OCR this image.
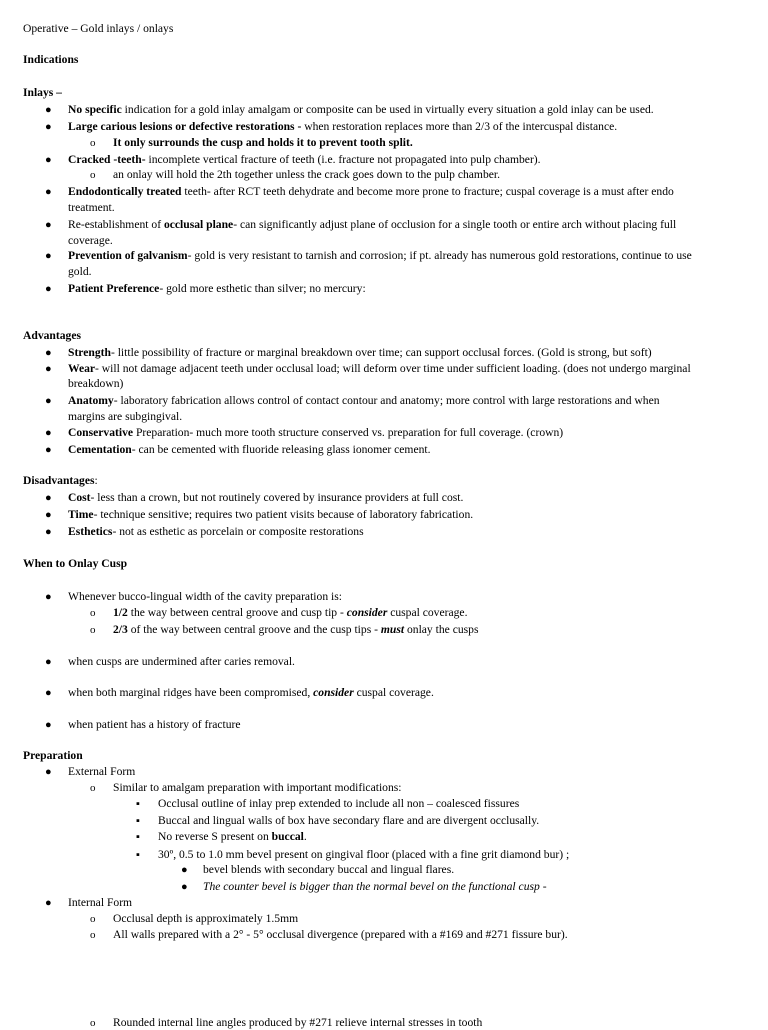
Operative – Gold inlays / onlays
Indications
Inlays –
● No specific indication for a gold inlay amalgam or composite can be used in virtually every situation a gold inlay can be used.
● Large carious lesions or defective restorations - when restoration replaces more than 2/3 of the intercuspal distance.
o It only surrounds the cusp and holds it to prevent tooth split.
● Cracked -teeth- incomplete vertical fracture of teeth (i.e. fracture not propagated into pulp chamber).
o an onlay will hold the 2th together unless the crack goes down to the pulp chamber.
● Endodontically treated teeth- after RCT teeth dehydrate and become more prone to fracture; cuspal coverage is a must after endo
treatment.
● Re-establishment of occlusal plane- can significantly adjust plane of occlusion for a single tooth or entire arch without placing full
coverage.
● Prevention of galvanism- gold is very resistant to tarnish and corrosion; if pt. already has numerous gold restorations, continue to use
gold.
● Patient Preference- gold more esthetic than silver; no mercury:
Advantages
● Strength- little possibility of fracture or marginal breakdown over time; can support occlusal forces. (Gold is strong, but soft)
● Wear- will not damage adjacent teeth under occlusal load; will deform over time under sufficient loading. (does not undergo marginal
breakdown)
● Anatomy- laboratory fabrication allows control of contact contour and anatomy; more control with large restorations and when
margins are subgingival.
● Conservative Preparation- much more tooth structure conserved vs. preparation for full coverage. (crown)
● Cementation- can be cemented with fluoride releasing glass ionomer cement.
Disadvantages:
● Cost- less than a crown, but not routinely covered by insurance providers at full cost.
● Time- technique sensitive; requires two patient visits because of laboratory fabrication.
● Esthetics- not as esthetic as porcelain or composite restorations
When to Onlay Cusp
● Whenever bucco-lingual width of the cavity preparation is:
o 1/2 the way between central groove and cusp tip - consider cuspal coverage.
o 2/3 of the way between central groove and the cusp tips - must onlay the cusps
● when cusps are undermined after caries removal.
● when both marginal ridges have been compromised, consider cuspal coverage.
● when patient has a history of fracture
Preparation
● External Form
o Similar to amalgam preparation with important modifications:
▪ Occlusal outline of inlay prep extended to include all non – coalesced fissures
▪ Buccal and lingual walls of box have secondary flare and are divergent occlusally.
▪ No reverse S present on buccal.
▪ 30º, 0.5 to 1.0 mm bevel present on gingival floor (placed with a fine grit diamond bur) ;
● bevel blends with secondary buccal and lingual flares.
● The counter bevel is bigger than the normal bevel on the functional cusp -
● Internal Form
o Occlusal depth is approximately 1.5mm
o All walls prepared with a 2° - 5° occlusal divergence (prepared with a #169 and #271 fissure bur).
o Rounded internal line angles produced by #271 relieve internal stresses in tooth
